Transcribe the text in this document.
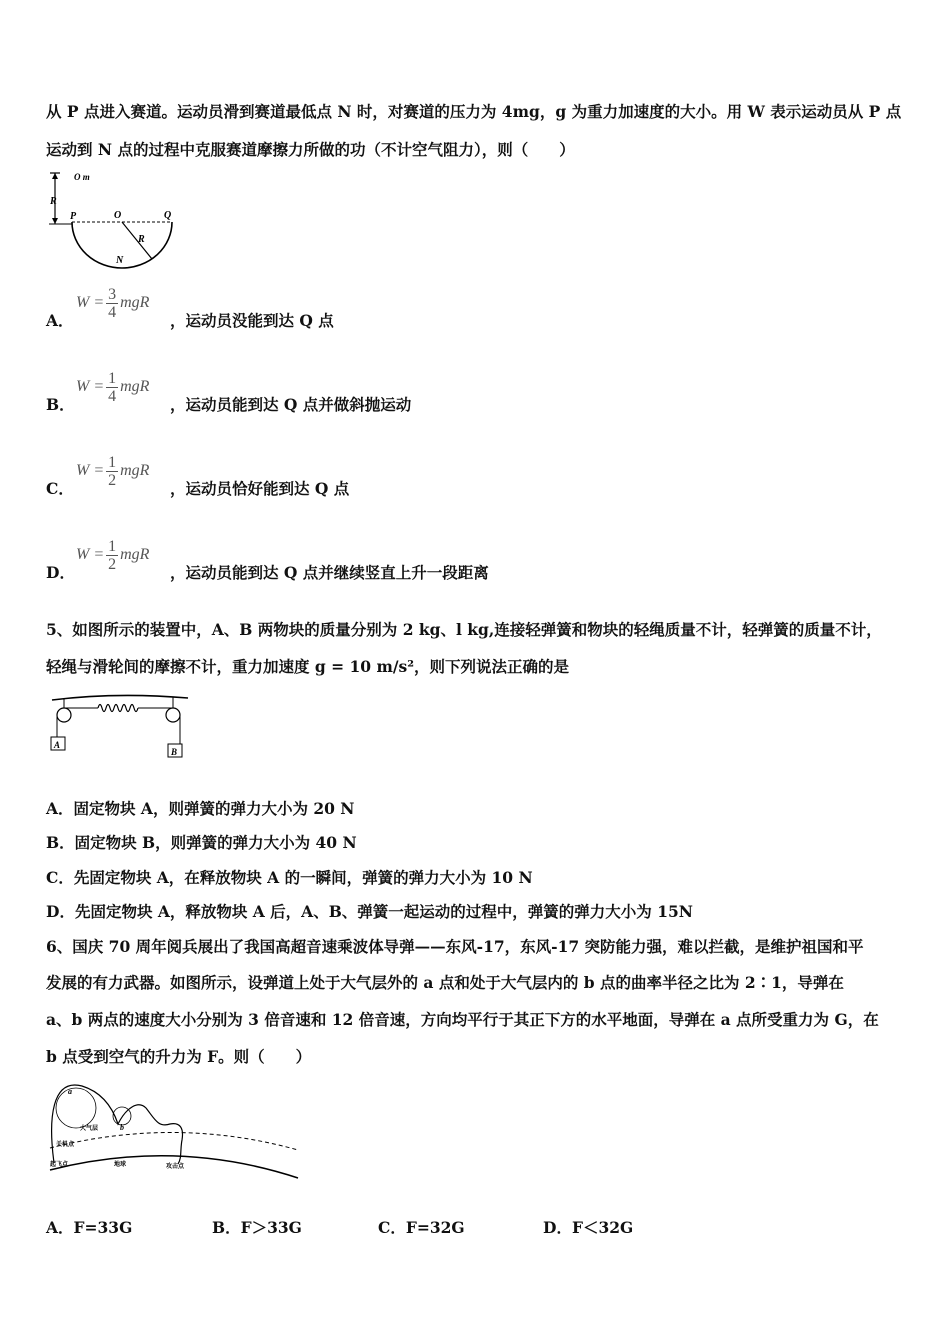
从 P 点进入赛道。运动员滑到赛道最低点 N 时，对赛道的压力为 4mg，g 为重力加速度的大小。用 W 表示运动员从 P 点
运动到 N 点的过程中克服赛道摩擦力所做的功（不计空气阻力），则（　　）
O m
R
P	O	Q
R
N
A．
$W = \frac{3}{4}$ mgR
，运动员没能到达 Q 点
B．
$W = \frac{1}{4}$ mgR
，运动员能到达 Q 点并做斜抛运动
C．
$W = \frac{1}{2}$ mgR
，运动员恰好能到达 Q 点
D．
$W = \frac{1}{2}$ mgR
，运动员能到达 Q 点并继续竖直上升一段距离
5、如图所示的装置中，A、B 两物块的质量分别为 2 kg、l kg,连接轻弹簧和物块的轻绳质量不计，轻弹簧的质量不计，
轻绳与滑轮间的摩擦不计，重力加速度 g = 10 m/s²，则下列说法正确的是
A
B
A．固定物块 A，则弹簧的弹力大小为 20 N
B．固定物块 B，则弹簧的弹力大小为 40 N
C．先固定物块 A，在释放物块 A 的一瞬间，弹簧的弹力大小为 10 N
D．先固定物块 A，释放物块 A 后，A、B、弹簧一起运动的过程中，弹簧的弹力大小为 15N
6、国庆 70 周年阅兵展出了我国高超音速乘波体导弹——东风-17，东风-17 突防能力强，难以拦截，是维护祖国和平
发展的有力武器。如图所示，设弹道上处于大气层外的 a 点和处于大气层内的 b 点的曲率半径之比为 2∶1，导弹在
a、b 两点的速度大小分别为 3 倍音速和 12 倍音速，方向均平行于其正下方的水平地面，导弹在 a 点所受重力为 G，在
b 点受到空气的升力为 F。则（　　）
a
b
大气层
关机点
起飞点	地球	攻击点
A．F=33G	B．F＞33G	C．F=32G	D．F＜32G
